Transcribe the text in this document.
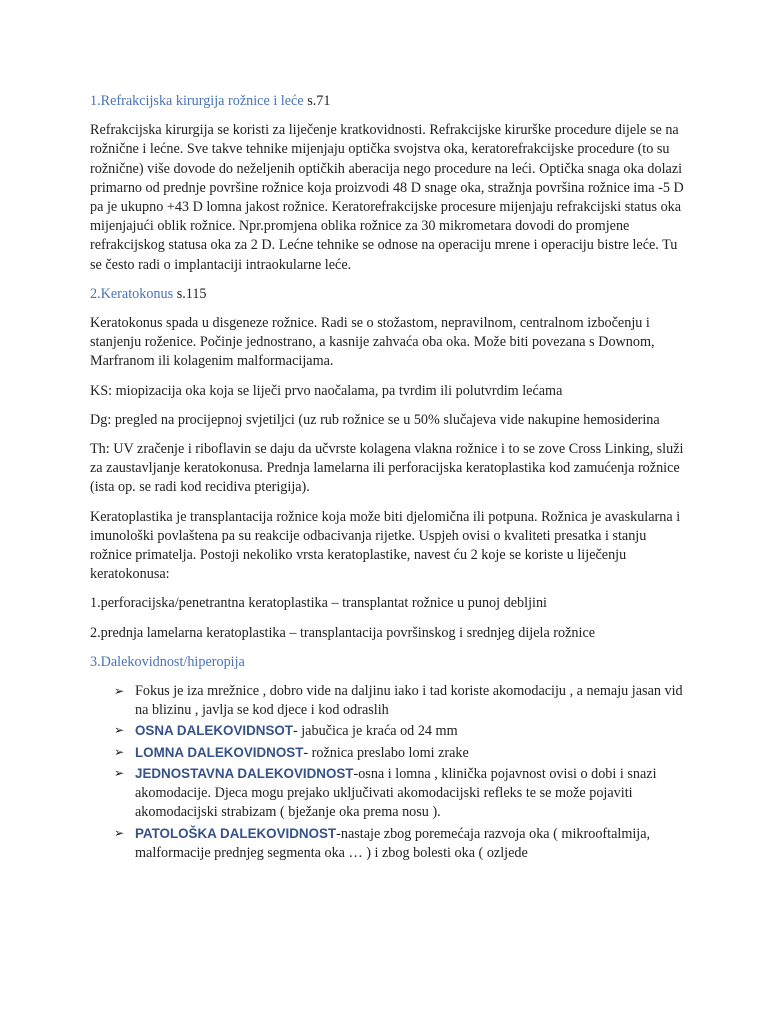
1.Refrakcijska kirurgija rožnice i leće s.71

Refrakcijska kirurgija se koristi za liječenje kratkovidnosti. Refrakcijske kirurške procedure dijele se na rožnične i lećne. Sve takve tehnike mijenjaju optička svojstva oka, keratorefrakcijske procedure (to su rožnične) više dovode do neželjenih optičkih aberacija nego procedure na leći. Optička snaga oka dolazi primarno od prednje površine rožnice koja proizvodi 48 D snage oka, stražnja površina rožnice ima -5 D pa je ukupno +43 D lomna jakost rožnice. Keratorefrakcijske procesure mijenjaju refrakcijski status oka mijenjajući oblik rožnice. Npr.promjena oblika rožnice za 30 mikrometara dovodi do promjene refrakcijskog statusa oka za 2 D. Lećne tehnike se odnose na operaciju mrene i operaciju bistre leće. Tu se često radi o implantaciji intraokularne leće.

2.Keratokonus s.115

Keratokonus spada u disgeneze rožnice. Radi se o stožastom, nepravilnom, centralnom izbočenju i stanjenju roženice. Počinje jednostrano, a kasnije zahvaća oba oka. Može biti povezana s Downom, Marfranom ili kolagenim malformacijama.

KS: miopizacija oka koja se liječi prvo naočalama, pa tvrdim ili polutvrdim lećama

Dg: pregled na procijepnoj svjetiljci (uz rub rožnice se u 50% slučajeva vide nakupine hemosiderina

Th: UV zračenje i riboflavin se daju da učvrste kolagena vlakna rožnice i to se zove Cross Linking, služi za zaustavljanje keratokonusa. Prednja lamelarna ili perforacijska keratoplastika kod zamućenja rožnice (ista op. se radi kod recidiva pterigija).

Keratoplastika je transplantacija rožnice koja može biti djelomična ili potpuna. Rožnica je avaskularna i imunološki povlaštena pa su reakcije odbacivanja rijetke. Uspjeh ovisi o kvaliteti presatka i stanju rožnice primatelja. Postoji nekoliko vrsta keratoplastike, navest ću 2 koje se koriste u liječenju keratokonusa:

1.perforacijska/penetrantna keratoplastika – transplantat rožnice u punoj debljini

2.prednja lamelarna keratoplastika – transplantacija površinskog i srednjeg dijela rožnice

3.Dalekovidnost/hiperopija
➢ Fokus je iza mrežnice , dobro vide na daljinu iako i tad koriste akomodaciju , a nemaju jasan vid na blizinu , javlja se kod djece i kod odraslih
➢ OSNA DALEKOVIDNSOT- jabučica je kraća od 24 mm
➢ LOMNA DALEKOVIDNOST- rožnica preslabo lomi zrake
➢ JEDNOSTAVNA DALEKOVIDNOST-osna i lomna , klinička pojavnost ovisi o dobi i snazi akomodacije. Djeca mogu prejako uključivati akomodacijski refleks te se može pojaviti akomodacijski strabizam ( bježanje oka prema nosu ).
➢ PATOLOŠKA DALEKOVIDNOST-nastaje zbog poremećaja razvoja oka ( mikrooftalmija, malformacije prednjeg segmenta oka … ) i zbog bolesti oka ( ozljede
